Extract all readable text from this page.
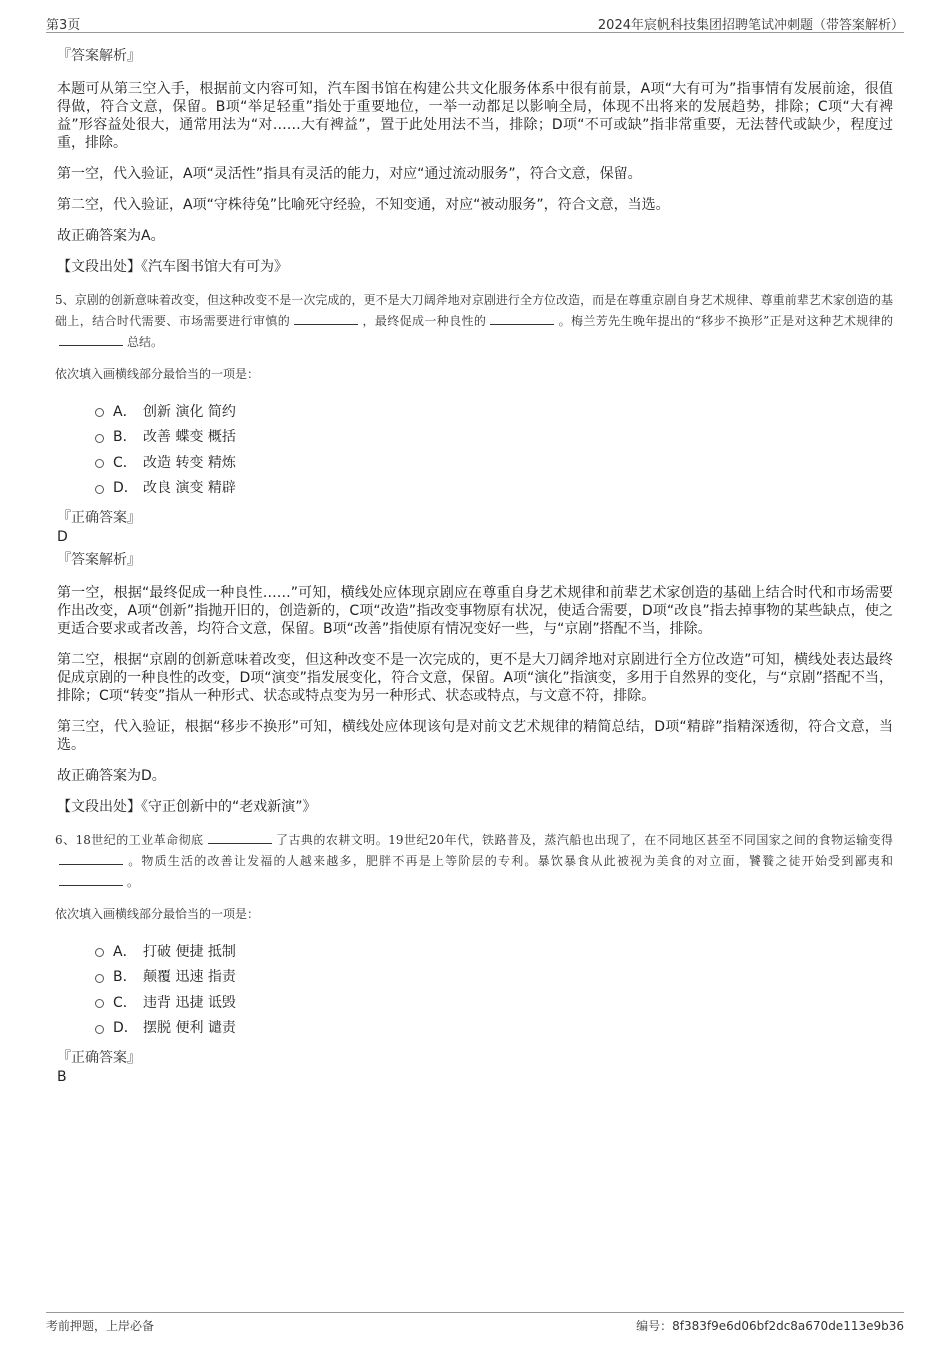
第3页	2024年宸帆科技集团招聘笔试冲刺题（带答案解析）

『答案解析』

本题可从第三空入手，根据前文内容可知，汽车图书馆在构建公共文化服务体系中很有前景，A项“大有可为”指事情有发展前途，很值得做，符合文意，保留。B项“举足轻重”指处于重要地位，一举一动都足以影响全局，体现不出将来的发展趋势，排除；C项“大有裨益”形容益处很大，通常用法为“对……大有裨益”，置于此处用法不当，排除；D项“不可或缺”指非常重要，无法替代或缺少，程度过重，排除。

第一空，代入验证，A项“灵活性”指具有灵活的能力，对应“通过流动服务”，符合文意，保留。

第二空，代入验证，A项“守株待兔”比喻死守经验，不知变通，对应“被动服务”，符合文意，当选。

故正确答案为A。

【文段出处】《汽车图书馆大有可为》

5、京剧的创新意味着改变，但这种改变不是一次完成的，更不是大刀阔斧地对京剧进行全方位改造，而是在尊重京剧自身艺术规律、尊重前辈艺术家创造的基础上，结合时代需要、市场需要进行审慎的	，最终促成一种良性的	。梅兰芳先生晚年提出的“移步不换形”正是对这种艺术规律的总结。

依次填入画横线部分最恰当的一项是：

A． 创新 演化 简约
B． 改善 蝶变 概括
C． 改造 转变 精炼
D． 改良 演变 精辟

『正确答案』

D

『答案解析』

第一空，根据“最终促成一种良性……”可知，横线处应体现京剧应在尊重自身艺术规律和前辈艺术家创造的基础上结合时代和市场需要作出改变，A项“创新”指抛开旧的，创造新的，C项“改造”指改变事物原有状况，使适合需要，D项“改良”指去掉事物的某些缺点，使之更适合要求或者改善，均符合文意，保留。B项“改善”指使原有情况变好一些，与“京剧”搭配不当，排除。

第二空，根据“京剧的创新意味着改变，但这种改变不是一次完成的，更不是大刀阔斧地对京剧进行全方位改造”可知，横线处表达最终促成京剧的一种良性的改变，D项“演变”指发展变化，符合文意，保留。A项“演化”指演变，多用于自然界的变化，与“京剧”搭配不当，排除；C项“转变”指从一种形式、状态或特点变为另一种形式、状态或特点，与文意不符，排除。

第三空，代入验证，根据“移步不换形”可知，横线处应体现该句是对前文艺术规律的精简总结，D项“精辟”指精深透彻，符合文意，当选。

故正确答案为D。

【文段出处】《守正创新中的“老戏新演”》

6、18世纪的工业革命彻底	了古典的农耕文明。19世纪20年代，铁路普及，蒸汽船也出现了，在不同地区甚至不同国家之间的食物运输变得。物质生活的改善让发福的人越来越多，肥胖不再是上等阶层的专利。暴饮暴食从此被视为美食的对立面，饕餮之徒开始受到鄙夷和。

依次填入画横线部分最恰当的一项是：

A． 打破 便捷 抵制
B． 颠覆 迅速 指责
C． 违背 迅捷 诋毁
D． 摆脱 便利 谴责

『正确答案』

B

考前押题，上岸必备	编号：8f383f9e6d06bf2dc8a670de113e9b36
